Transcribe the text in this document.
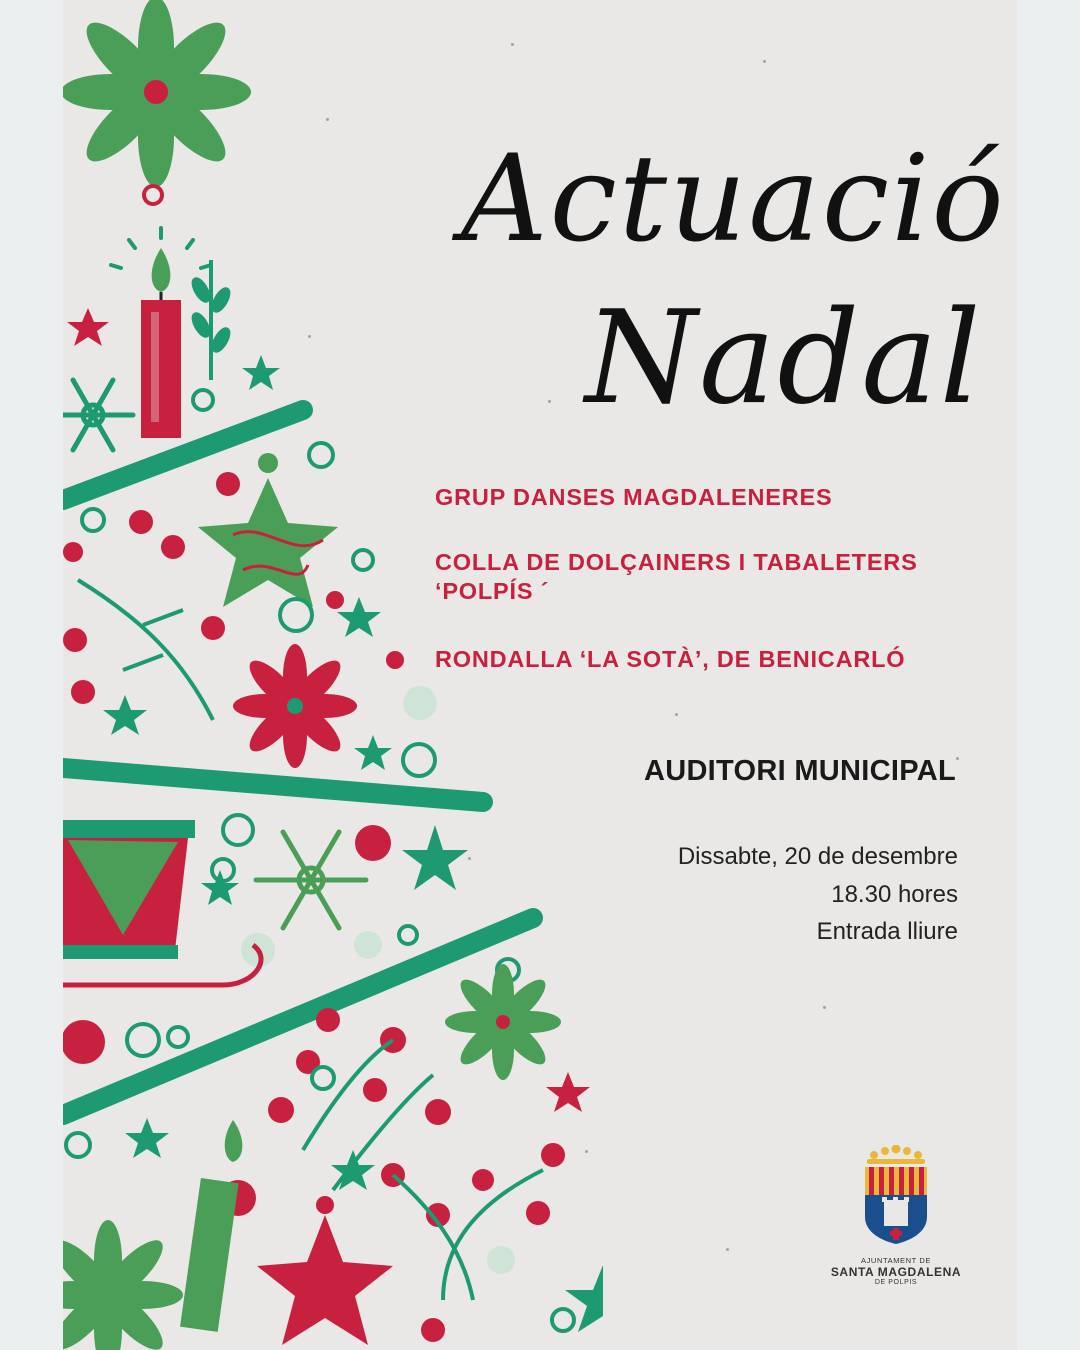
Actuació
Nadal
GRUP DANSES MAGDALENERES
COLLA DE DOLÇAINERS I TABALETERS ‘POLPÍS ´
RONDALLA ‘LA SOTÀ’, DE BENICARLÓ
AUDITORI MUNICIPAL
Dissabte, 20 de desembre
18.30 hores
Entrada lliure
AJUNTAMENT DE
SANTA MAGDALENA
DE POLPIS
